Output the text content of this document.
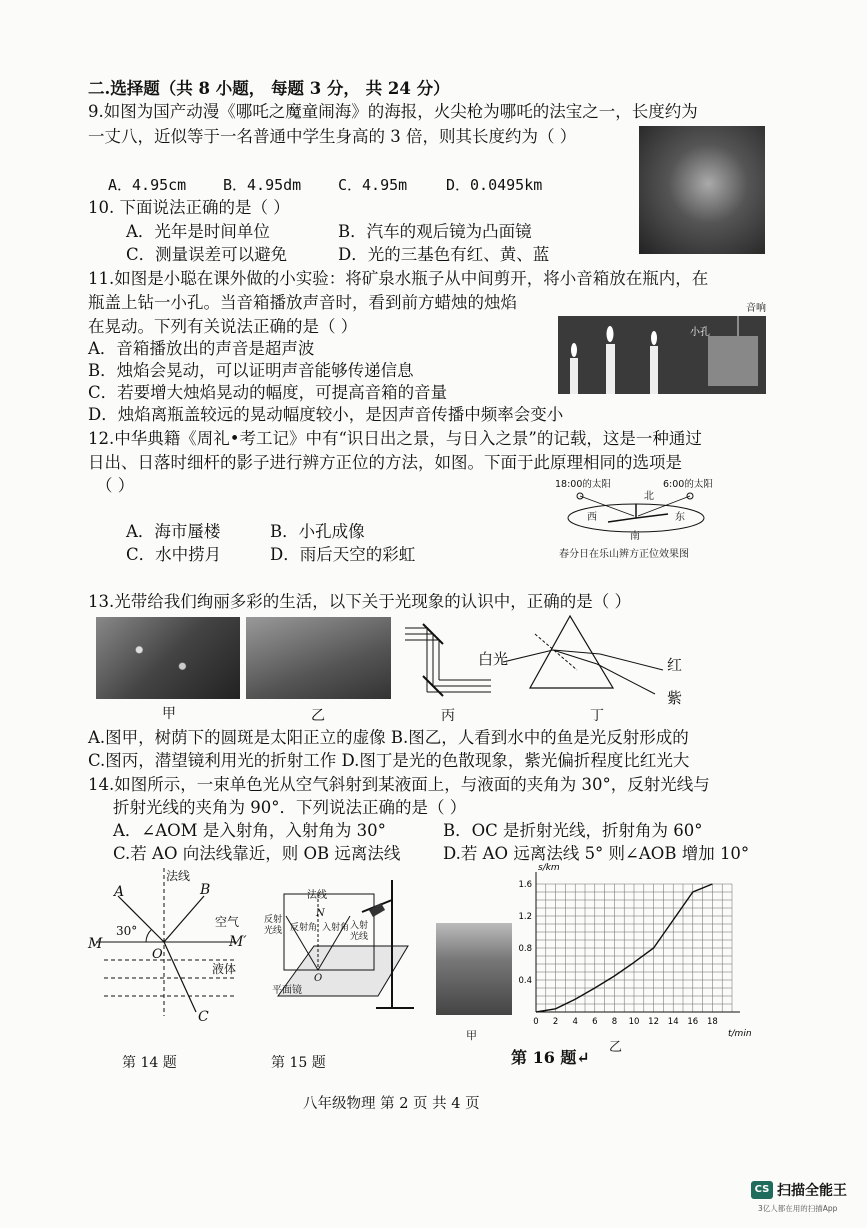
二.选择题（共 8 小题， 每题 3 分， 共 24 分）
9.如图为国产动漫《哪吒之魔童闹海》的海报，火尖枪为哪吒的法宝之一，长度约为
一丈八，近似等于一名普通中学生身高的 3 倍，则其长度约为（ ）
A．4.95cm B．4.95dm C．4.95m	D．0.0495km
10. 下面说法正确的是（ ）
A．光年是时间单位	B．汽车的观后镜为凸面镜
C．测量误差可以避免	D．光的三基色有红、黄、蓝
11.如图是小聪在课外做的小实验：将矿泉水瓶子从中间剪开，将小音箱放在瓶内，在
瓶盖上钻一小孔。当音箱播放声音时，看到前方蜡烛的烛焰
在晃动。下列有关说法正确的是（ ）
A．音箱播放出的声音是超声波
B．烛焰会晃动，可以证明声音能够传递信息
C．若要增大烛焰晃动的幅度，可提高音箱的音量
D．烛焰离瓶盖较远的晃动幅度较小，是因声音传播中频率会变小
音响
小孔
12.中华典籍《周礼•考工记》中有“识日出之景，与日入之景”的记载，这是一种通过
日出、日落时细杆的影子进行辨方正位的方法，如图。下面于此原理相同的选项是
（ ）
A．海市蜃楼	B．小孔成像
C．水中捞月	D．雨后天空的彩虹
18:00的太阳	6:00的太阳
北
西	东
南
春分日在乐山辨方正位效果图
13.光带给我们绚丽多彩的生活，以下关于光现象的认识中，正确的是（ ）
白光	红
紫
甲	乙	丙	丁
A.图甲，树荫下的圆斑是太阳正立的虚像 B.图乙，人看到水中的鱼是光反射形成的
C.图丙，潜望镜利用光的折射工作 D.图丁是光的色散现象，紫光偏折程度比红光大
14.如图所示，一束单色光从空气斜射到某液面上，与液面的夹角为 30°，反射光线与
折射光线的夹角为 90°．下列说法正确的是（ ）
A．∠AOM 是入射角，入射角为 30°	B．OC 是折射光线，折射角为 60°
C.若 AO 向法线靠近，则 OB 远离法线	D.若 AO 远离法线 5° 则∠AOB 增加 10°
A	B
C
O
M	M′
法线
空气
液体
30°
法线
反射光线 反射角 入射角 入射光线
N
O
平面镜
甲
0 2 4 6 8 10 12 14 16 18
0.4
0.8
1.2
1.6
s/km
t/min
乙
第 14 题	第 15 题	第 16 题↵
八年级物理 第 2 页 共 4 页
CS 扫描全能王
3亿人都在用的扫描App
